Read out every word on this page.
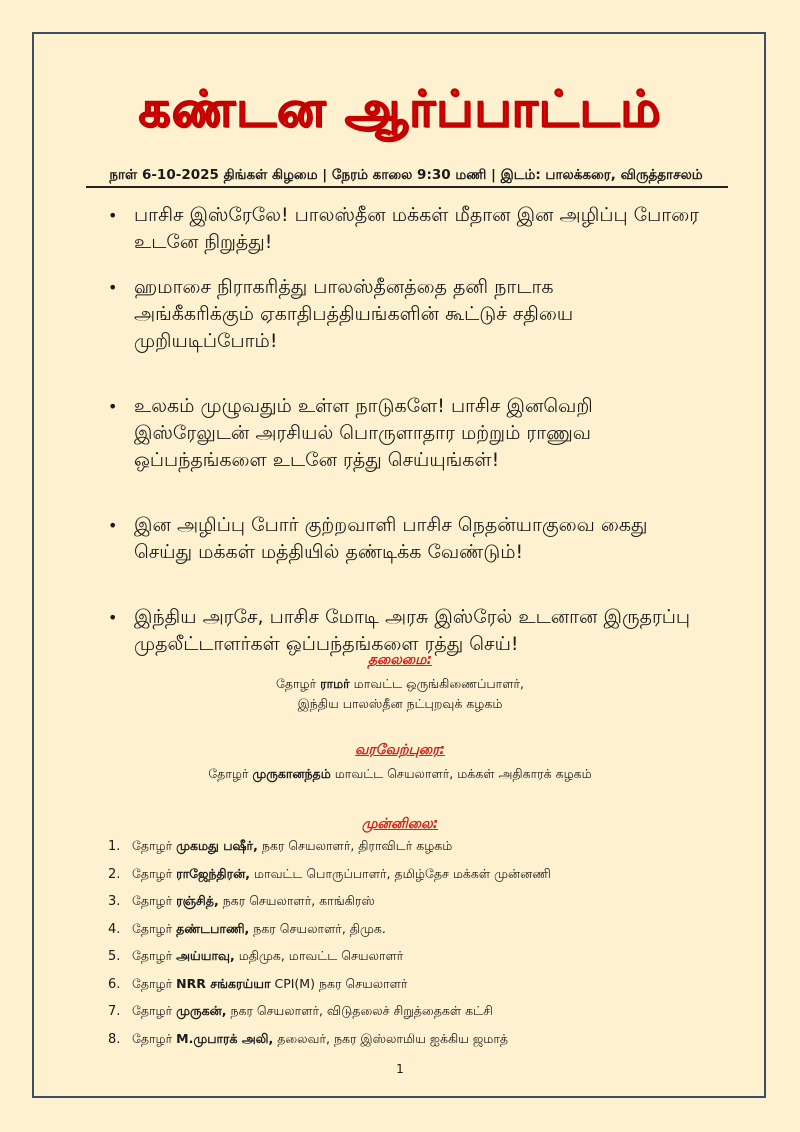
கண்டன ஆர்ப்பாட்டம்
நாள் 6-10-2025 திங்கள் கிழமை | நேரம் காலை 9:30 மணி | இடம்: பாலக்கரை, விருத்தாசலம்
• பாசிச இஸ்ரேலே! பாலஸ்தீன மக்கள் மீதான இன அழிப்பு போரை
உடனே நிறுத்து!
• ஹமாசை நிராகரித்து பாலஸ்தீனத்தை தனி நாடாக
அங்கீகரிக்கும் ஏகாதிபத்தியங்களின் கூட்டுச் சதியை
முறியடிப்போம்!
• உலகம் முழுவதும் உள்ள நாடுகளே! பாசிச இனவெறி
இஸ்ரேலுடன் அரசியல் பொருளாதார மற்றும் ராணுவ
ஒப்பந்தங்களை உடனே ரத்து செய்யுங்கள்!
• இன அழிப்பு போர் குற்றவாளி பாசிச நெதன்யாகுவை கைது
செய்து மக்கள் மத்தியில் தண்டிக்க வேண்டும்!
• இந்திய அரசே, பாசிச மோடி அரசு இஸ்ரேல் உடனான இருதரப்பு
முதலீட்டாளர்கள் ஒப்பந்தங்களை ரத்து செய்!
தலைமை:
தோழர் ராமர் மாவட்ட ஒருங்கிணைப்பாளர்,
இந்திய பாலஸ்தீன நட்புறவுக் கழகம்
வரவேற்புரை:
தோழர் முருகானந்தம் மாவட்ட செயலாளர், மக்கள் அதிகாரக் கழகம்
முன்னிலை:
1. தோழர் முகமது பஷீர், நகர செயலாளர், திராவிடர் கழகம்
2. தோழர் ராஜேந்திரன், மாவட்ட பொருப்பாளர், தமிழ்தேச மக்கள் முன்னணி
3. தோழர் ரஞ்சித், நகர செயலாளர், காங்கிரஸ்
4. தோழர் தண்டபாணி, நகர செயலாளர், திமுக.
5. தோழர் அய்யாவு, மதிமுக, மாவட்ட செயலாளர்
6. தோழர் NRR சங்கரய்யா CPI(M) நகர செயலாளர்
7. தோழர் முருகன், நகர செயலாளர், விடுதலைச் சிறுத்தைகள் கட்சி
8. தோழர் M.முபாரக் அலி, தலைவர், நகர இஸ்லாமிய ஐக்கிய ஜமாத்
1
